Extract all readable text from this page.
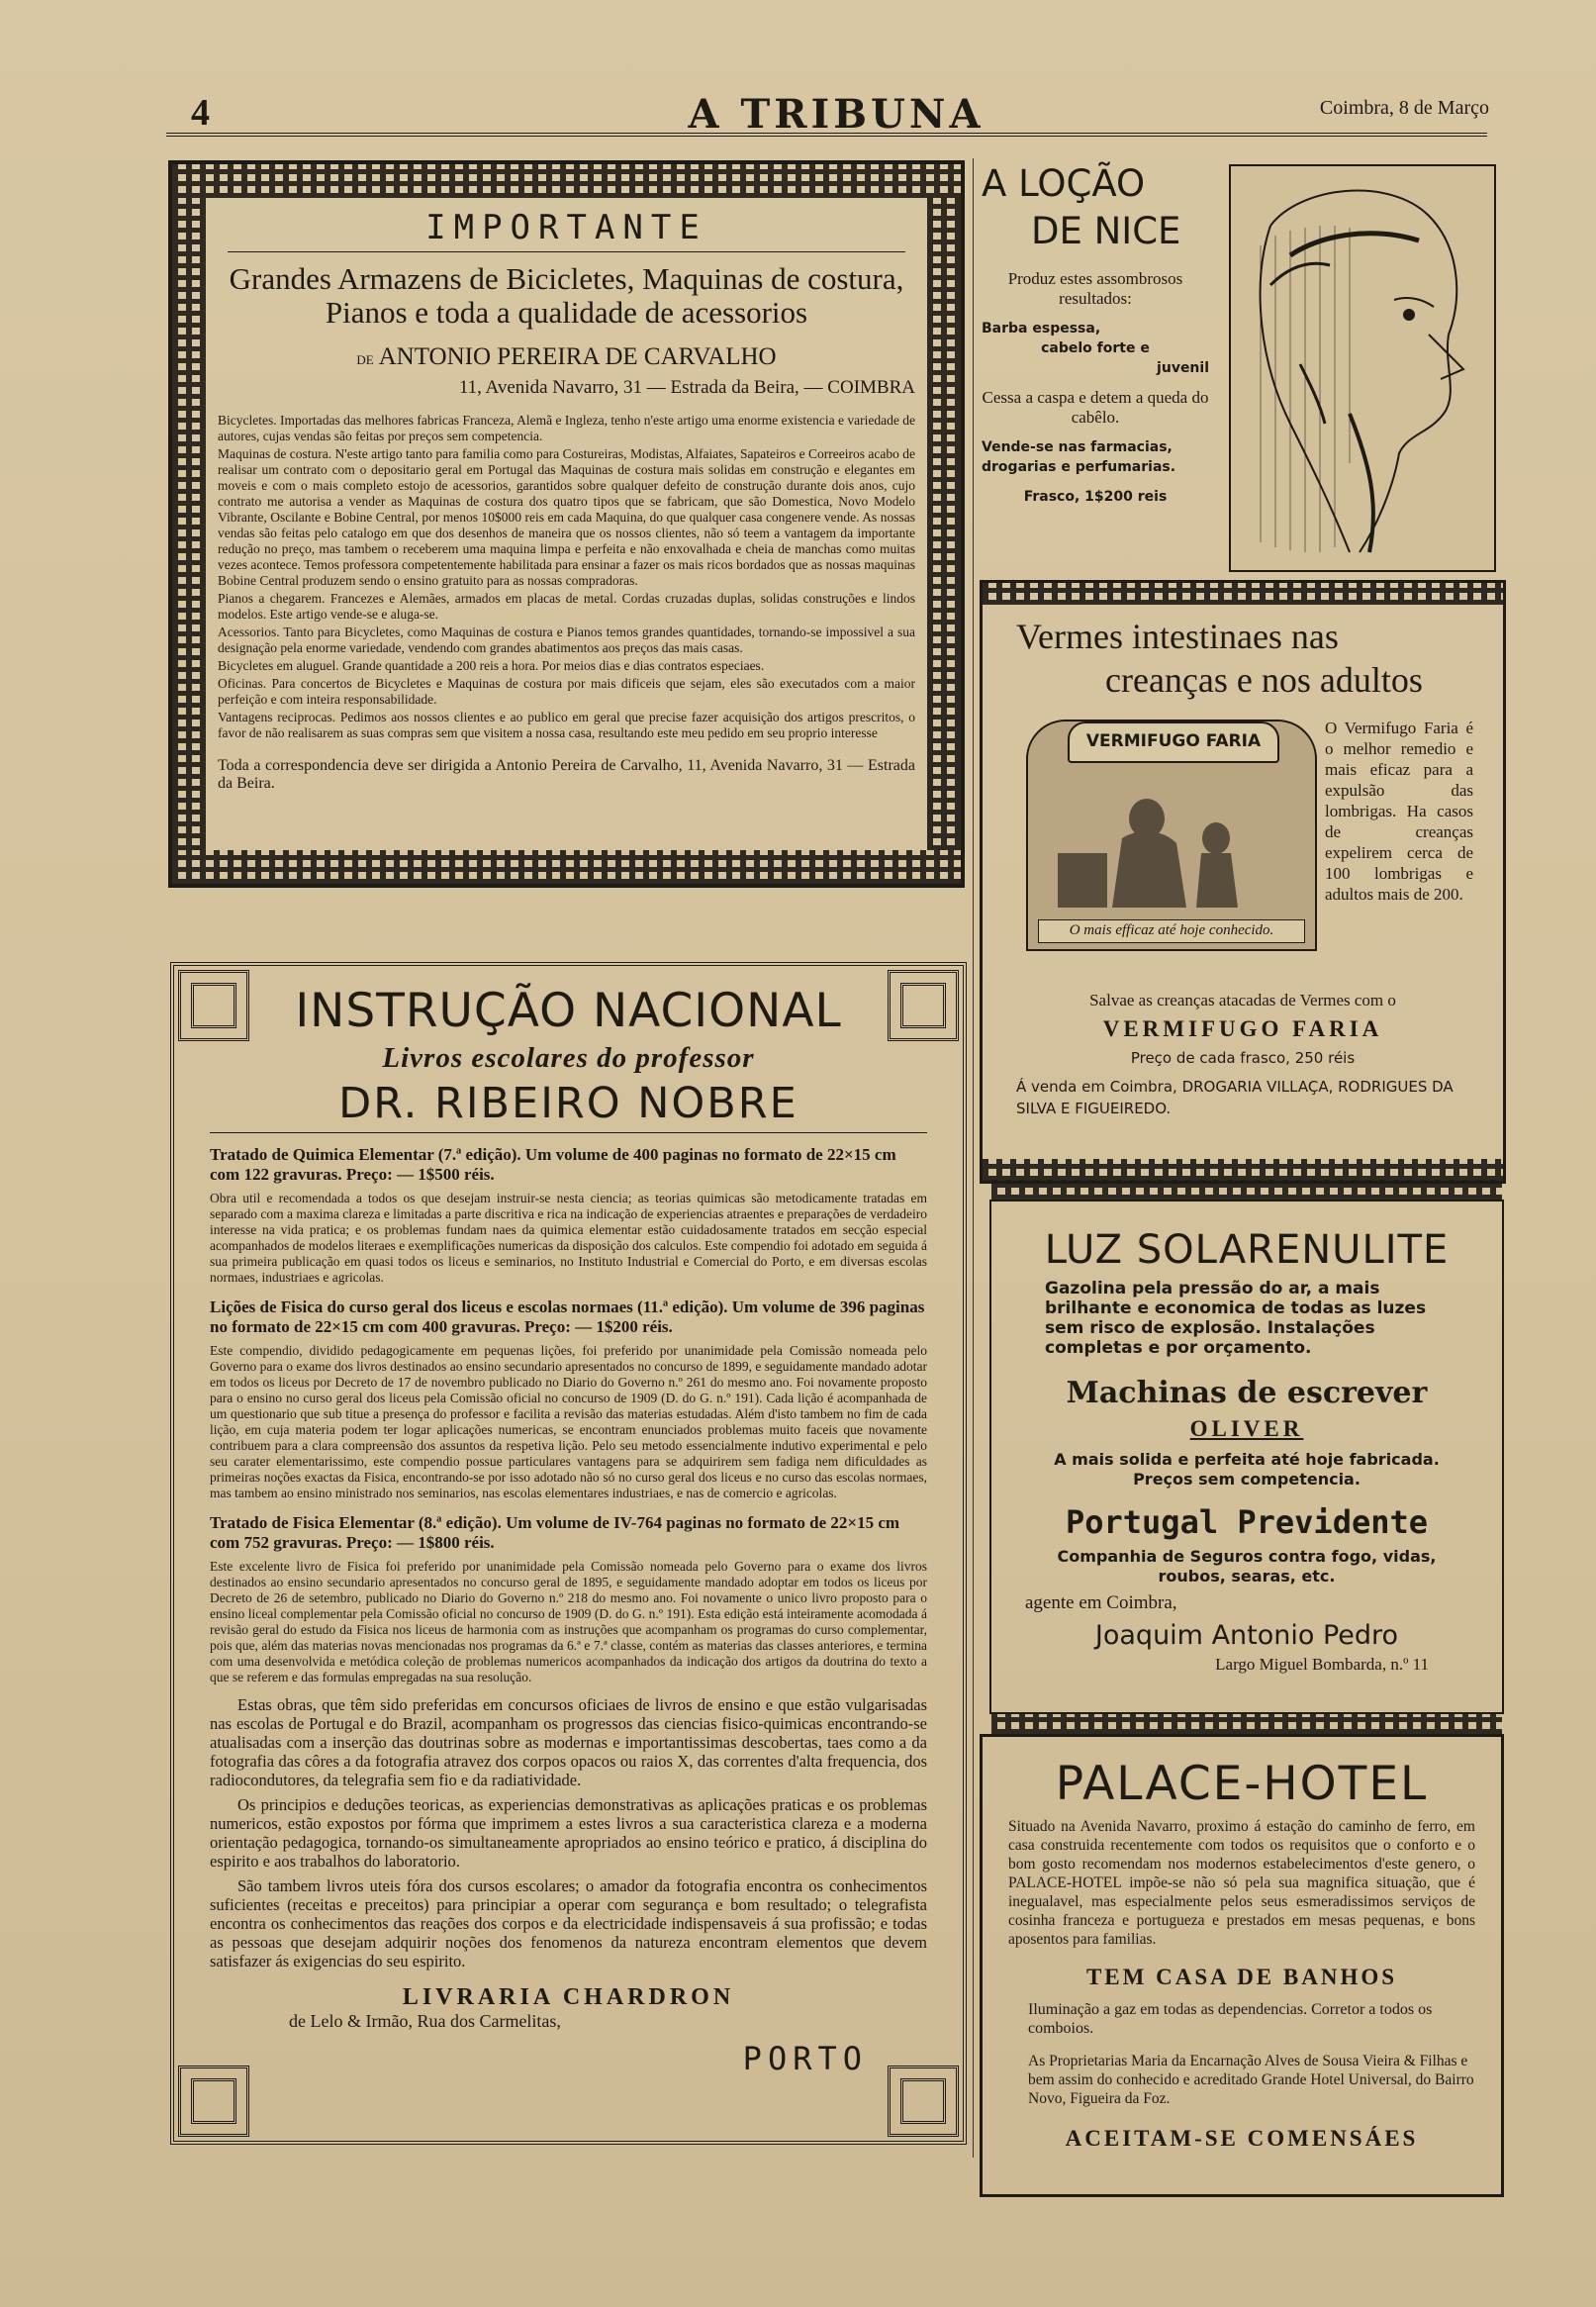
4	A TRIBUNA	Coimbra, 8 de Março
IMPORTANTE
Grandes Armazens de Bicicletes, Maquinas de costura, Pianos e toda a qualidade de acessorios
DE ANTONIO PEREIRA DE CARVALHO
11, Avenida Navarro, 31 — Estrada da Beira, — COIMBRA

Bicycletes. Importadas das melhores fabricas Franceza, Alemã e Ingleza, tenho n'este artigo uma enorme existencia e variedade de autores, cujas vendas são feitas por preços sem competencia.

Maquinas de costura. N'este artigo tanto para familia como para Costureiras, Modistas, Alfaiates, Sapateiros e Correeiros acabo de realisar um contrato com o depositario geral em Portugal das Maquinas de costura mais solidas em construção e elegantes em moveis e com o mais completo estojo de acessorios, garantidos sobre qualquer defeito de construção durante dois anos, cujo contrato me autorisa a vender as Maquinas de costura dos quatro tipos que se fabricam, que são Domestica, Novo Modelo Vibrante, Oscilante e Bobine Central, por menos 10$000 reis em cada Maquina, do que qualquer casa congenere vende. As nossas vendas são feitas pelo catalogo em que dos desenhos de maneira que os nossos clientes, não só teem a vantagem da importante redução no preço, mas tambem o receberem uma maquina limpa e perfeita e não enxovalhada e cheia de manchas como muitas vezes acontece. Temos professora competentemente habilitada para ensinar a fazer os mais ricos bordados que as nossas maquinas Bobine Central produzem sendo o ensino gratuito para as nossas compradoras.

Pianos a chegarem. Francezes e Alemães, armados em placas de metal. Cordas cruzadas duplas, solidas construções e lindos modelos. Este artigo vende-se e aluga-se.

Acessorios. Tanto para Bicycletes, como Maquinas de costura e Pianos temos grandes quantidades, tornando-se impossivel a sua designação pela enorme variedade, vendendo com grandes abatimentos aos preços das mais casas.

Bicycletes em aluguel. Grande quantidade a 200 reis a hora. Por meios dias e dias contratos especiaes.

Oficinas. Para concertos de Bicycletes e Maquinas de costura por mais dificeis que sejam, eles são executados com a maior perfeição e com inteira responsabilidade.

Vantagens reciprocas. Pedimos aos nossos clientes e ao publico em geral que precise fazer acquisição dos artigos prescritos, o favor de não realisarem as suas compras sem que visitem a nossa casa, resultando este meu pedido em seu proprio interesse

Toda a correspondencia deve ser dirigida a Antonio Pereira de Carvalho, 11, Avenida Navarro, 31 — Estrada da Beira.
INSTRUÇÃO NACIONAL
Livros escolares do professor
DR. RIBEIRO NOBRE
Tratado de Quimica Elementar (7.ª edição). Um volume de 400 paginas no formato de 22×15 cm com 122 gravuras. Preço: — 1$500 réis.
Obra util e recomendada a todos os que desejam instruir-se nesta ciencia; as teorias quimicas são metodicamente tratadas em separado com a maxima clareza e limitadas a parte discritiva e rica na indicação de experiencias atraentes e preparações de verdadeiro interesse na vida pratica; e os problemas fundam naes da quimica elementar estão cuidadosamente tratados em secção especial acompanhados de modelos literaes e exemplificações numericas da disposição dos calculos. Este compendio foi adotado em seguida á sua primeira publicação em quasi todos os liceus e seminarios, no Instituto Industrial e Comercial do Porto, e em diversas escolas normaes, industriaes e agricolas.
Lições de Fisica do curso geral dos liceus e escolas normaes (11.ª edição). Um volume de 396 paginas no formato de 22×15 cm com 400 gravuras. Preço: — 1$200 réis.
Este compendio, dividido pedagogicamente em pequenas lições, foi preferido por unanimidade pela Comissão nomeada pelo Governo para o exame dos livros destinados ao ensino secundario apresentados no concurso de 1899, e seguidamente mandado adotar em todos os liceus por Decreto de 17 de novembro publicado no Diario do Governo n.º 261 do mesmo ano. Foi novamente proposto para o ensino no curso geral dos liceus pela Comissão oficial no concurso de 1909 (D. do G. n.º 191). Cada lição é acompanhada de um questionario que sub titue a presença do professor e facilita a revisão das materias estudadas. Além d'isto tambem no fim de cada lição, em cuja materia podem ter logar aplicações numericas, se encontram enunciados problemas muito faceis que novamente contribuem para a clara compreensão dos assuntos da respetiva lição. Pelo seu metodo essencialmente indutivo experimental e pelo seu carater elementarissimo, este compendio possue particulares vantagens para se adquirirem sem fadiga nem dificuldades as primeiras noções exactas da Fisica, encontrando-se por isso adotado não só no curso geral dos liceus e no curso das escolas normaes, mas tambem ao ensino ministrado nos seminarios, nas escolas elementares industriaes, e nas de comercio e agricolas.
Tratado de Fisica Elementar (8.ª edição). Um volume de IV-764 paginas no formato de 22×15 cm com 752 gravuras. Preço: — 1$800 réis.
Este excelente livro de Fisica foi preferido por unanimidade pela Comissão nomeada pelo Governo para o exame dos livros destinados ao ensino secundario apresentados no concurso geral de 1895, e seguidamente mandado adoptar em todos os liceus por Decreto de 26 de setembro, publicado no Diario do Governo n.º 218 do mesmo ano. Foi novamente o unico livro proposto para o ensino liceal complementar pela Comissão oficial no concurso de 1909 (D. do G. n.º 191). Esta edição está inteiramente acomodada á revisão geral do estudo da Fisica nos liceus de harmonia com as instruções que acompanham os programas do curso complementar, pois que, além das materias novas mencionadas nos programas da 6.ª e 7.ª classe, contém as materias das classes anteriores, e termina com uma desenvolvida e metódica coleção de problemas numericos acompanhados da indicação dos artigos da doutrina do texto a que se referem e das formulas empregadas na sua resolução.

Estas obras, que têm sido preferidas em concursos oficiaes de livros de ensino e que estão vulgarisadas nas escolas de Portugal e do Brazil, acompanham os progressos das ciencias fisico-quimicas encontrando-se atualisadas com a inserção das doutrinas sobre as modernas e importantissimas descobertas, taes como a da fotografia das côres a da fotografia atravez dos corpos opacos ou raios X, das correntes d'alta frequencia, dos radiocondutores, da telegrafia sem fio e da radiatividade.

Os principios e deduções teoricas, as experiencias demonstrativas as aplicações praticas e os problemas numericos, estão expostos por fórma que imprimem a estes livros a sua caracteristica clareza e a moderna orientação pedagogica, tornando-os simultaneamente apropriados ao ensino teórico e pratico, á disciplina do espirito e aos trabalhos do laboratorio.

São tambem livros uteis fóra dos cursos escolares; o amador da fotografia encontra os conhecimentos suficientes (receitas e preceitos) para principiar a operar com segurança e bom resultado; o telegrafista encontra os conhecimentos das reações dos corpos e da electricidade indispensaveis á sua profissão; e todas as pessoas que desejam adquirir noções dos fenomenos da natureza encontram elementos que devem satisfazer ás exigencias do seu espirito.

LIVRARIA CHARDRON
de Lelo & Irmão, Rua dos Carmelitas,
PORTO
A LOÇÃO
DE NICE
Produz estes assombrosos resultados:
Barba espessa,
cabelo forte e
juvenil
Cessa a caspa e detem a queda do cabêlo.
Vende-se nas farmacias, drogarias e perfumarias.
Frasco, 1$200 reis
Vermes intestinaes nas
creanças e nos adultos
VERMIFUGO FARIA
O mais efficaz até hoje conhecido.
O Vermifugo Faria é o melhor remedio e mais eficaz para a expulsão das lombrigas. Ha casos de creanças expelirem cerca de 100 lombrigas e adultos mais de 200.
Salvae as creanças atacadas de Vermes com o
VERMIFUGO FARIA
Preço de cada frasco, 250 réis
Á venda em Coimbra, DROGARIA VILLAÇA, RODRIGUES DA SILVA E FIGUEIREDO.
LUZ SOLARENULITE
Gazolina pela pressão do ar, a mais brilhante e economica de todas as luzes sem risco de explosão. Instalações completas e por orçamento.
Machinas de escrever
OLIVER
A mais solida e perfeita até hoje fabricada. Preços sem competencia.
Portugal Previdente
Companhia de Seguros contra fogo, vidas, roubos, searas, etc.
agente em Coimbra,
Joaquim Antonio Pedro
Largo Miguel Bombarda, n.º 11
PALACE-HOTEL
Situado na Avenida Navarro, proximo á estação do caminho de ferro, em casa construida recentemente com todos os requisitos que o conforto e o bom gosto recomendam nos modernos estabelecimentos d'este genero, o PALACE-HOTEL impõe-se não só pela sua magnifica situação, que é inegualavel, mas especialmente pelos seus esmeradissimos serviços de cosinha franceza e portugueza e prestados em mesas pequenas, e bons aposentos para familias.
TEM CASA DE BANHOS
Iluminação a gaz em todas as dependencias. Corretor a todos os comboios.
As Proprietarias Maria da Encarnação Alves de Sousa Vieira & Filhas e bem assim do conhecido e acreditado Grande Hotel Universal, do Bairro Novo, Figueira da Foz.
ACEITAM-SE COMENSÁES
